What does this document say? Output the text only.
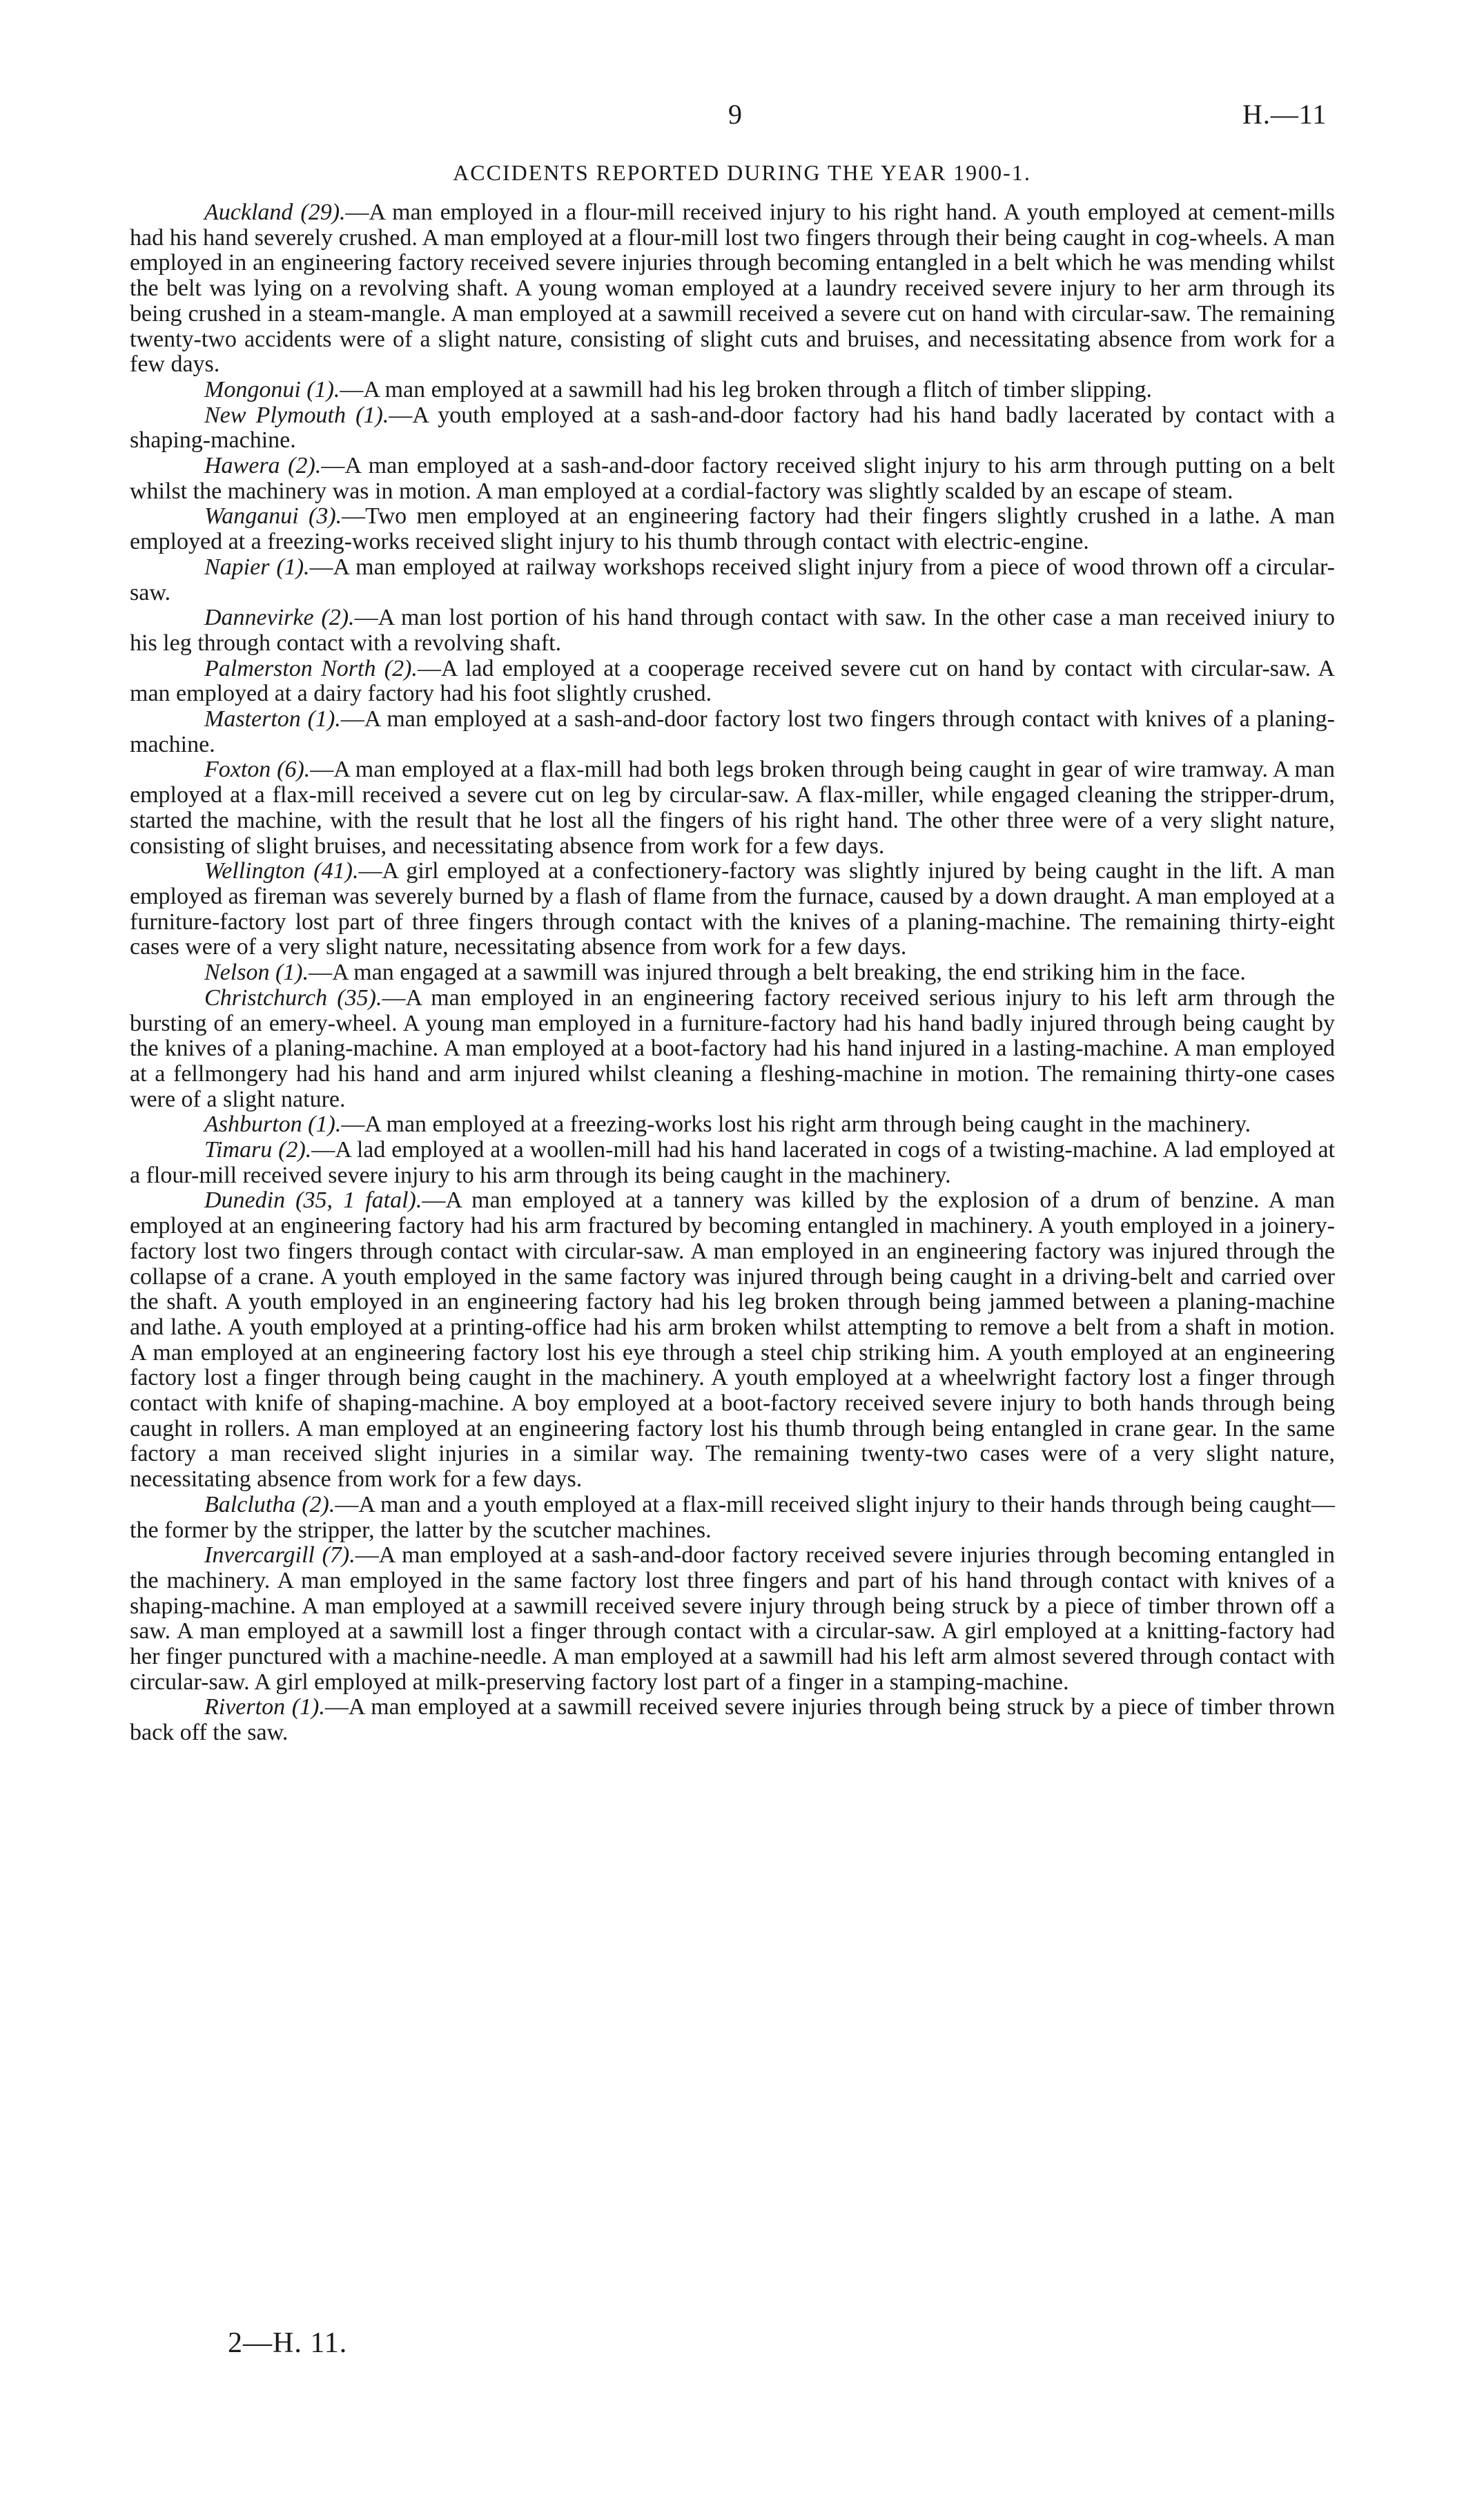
9	H.—11
ACCIDENTS REPORTED DURING THE YEAR 1900-1.

Auckland (29).—A man employed in a flour-mill received injury to his right hand. A youth employed at cement-mills had his hand severely crushed. A man employed at a flour-mill lost two fingers through their being caught in cog-wheels. A man employed in an engineering factory received severe injuries through becoming entangled in a belt which he was mending whilst the belt was lying on a revolving shaft. A young woman employed at a laundry received severe injury to her arm through its being crushed in a steam-mangle. A man employed at a sawmill received a severe cut on hand with circular-saw. The remaining twenty-two accidents were of a slight nature, consisting of slight cuts and bruises, and necessitating absence from work for a few days.

Mongonui (1).—A man employed at a sawmill had his leg broken through a flitch of timber slipping.

New Plymouth (1).—A youth employed at a sash-and-door factory had his hand badly lacerated by contact with a shaping-machine.

Hawera (2).—A man employed at a sash-and-door factory received slight injury to his arm through putting on a belt whilst the machinery was in motion. A man employed at a cordial-factory was slightly scalded by an escape of steam.

Wanganui (3).—Two men employed at an engineering factory had their fingers slightly crushed in a lathe. A man employed at a freezing-works received slight injury to his thumb through contact with electric-engine.

Napier (1).—A man employed at railway workshops received slight injury from a piece of wood thrown off a circular-saw.

Dannevirke (2).—A man lost portion of his hand through contact with saw. In the other case a man received iniury to his leg through contact with a revolving shaft.

Palmerston North (2).—A lad employed at a cooperage received severe cut on hand by contact with circular-saw. A man employed at a dairy factory had his foot slightly crushed.

Masterton (1).—A man employed at a sash-and-door factory lost two fingers through contact with knives of a planing-machine.

Foxton (6).—A man employed at a flax-mill had both legs broken through being caught in gear of wire tramway. A man employed at a flax-mill received a severe cut on leg by circular-saw. A flax-miller, while engaged cleaning the stripper-drum, started the machine, with the result that he lost all the fingers of his right hand. The other three were of a very slight nature, consisting of slight bruises, and necessitating absence from work for a few days.

Wellington (41).—A girl employed at a confectionery-factory was slightly injured by being caught in the lift. A man employed as fireman was severely burned by a flash of flame from the furnace, caused by a down draught. A man employed at a furniture-factory lost part of three fingers through contact with the knives of a planing-machine. The remaining thirty-eight cases were of a very slight nature, necessitating absence from work for a few days.

Nelson (1).—A man engaged at a sawmill was injured through a belt breaking, the end striking him in the face.

Christchurch (35).—A man employed in an engineering factory received serious injury to his left arm through the bursting of an emery-wheel. A young man employed in a furniture-factory had his hand badly injured through being caught by the knives of a planing-machine. A man employed at a boot-factory had his hand injured in a lasting-machine. A man employed at a fellmongery had his hand and arm injured whilst cleaning a fleshing-machine in motion. The remaining thirty-one cases were of a slight nature.

Ashburton (1).—A man employed at a freezing-works lost his right arm through being caught in the machinery.

Timaru (2).—A lad employed at a woollen-mill had his hand lacerated in cogs of a twisting-machine. A lad employed at a flour-mill received severe injury to his arm through its being caught in the machinery.

Dunedin (35, 1 fatal).—A man employed at a tannery was killed by the explosion of a drum of benzine. A man employed at an engineering factory had his arm fractured by becoming entangled in machinery. A youth employed in a joinery-factory lost two fingers through contact with circular-saw. A man employed in an engineering factory was injured through the collapse of a crane. A youth employed in the same factory was injured through being caught in a driving-belt and carried over the shaft. A youth employed in an engineering factory had his leg broken through being jammed between a planing-machine and lathe. A youth employed at a printing-office had his arm broken whilst attempting to remove a belt from a shaft in motion. A man employed at an engineering factory lost his eye through a steel chip striking him. A youth employed at an engineering factory lost a finger through being caught in the machinery. A youth employed at a wheelwright factory lost a finger through contact with knife of shaping-machine. A boy employed at a boot-factory received severe injury to both hands through being caught in rollers. A man employed at an engineering factory lost his thumb through being entangled in crane gear. In the same factory a man received slight injuries in a similar way. The remaining twenty-two cases were of a very slight nature, necessitating absence from work for a few days.

Balclutha (2).—A man and a youth employed at a flax-mill received slight injury to their hands through being caught—the former by the stripper, the latter by the scutcher machines.

Invercargill (7).—A man employed at a sash-and-door factory received severe injuries through becoming entangled in the machinery. A man employed in the same factory lost three fingers and part of his hand through contact with knives of a shaping-machine. A man employed at a sawmill received severe injury through being struck by a piece of timber thrown off a saw. A man employed at a sawmill lost a finger through contact with a circular-saw. A girl employed at a knitting-factory had her finger punctured with a machine-needle. A man employed at a sawmill had his left arm almost severed through contact with circular-saw. A girl employed at milk-preserving factory lost part of a finger in a stamping-machine.

Riverton (1).—A man employed at a sawmill received severe injuries through being struck by a piece of timber thrown back off the saw.

2—H. 11.
